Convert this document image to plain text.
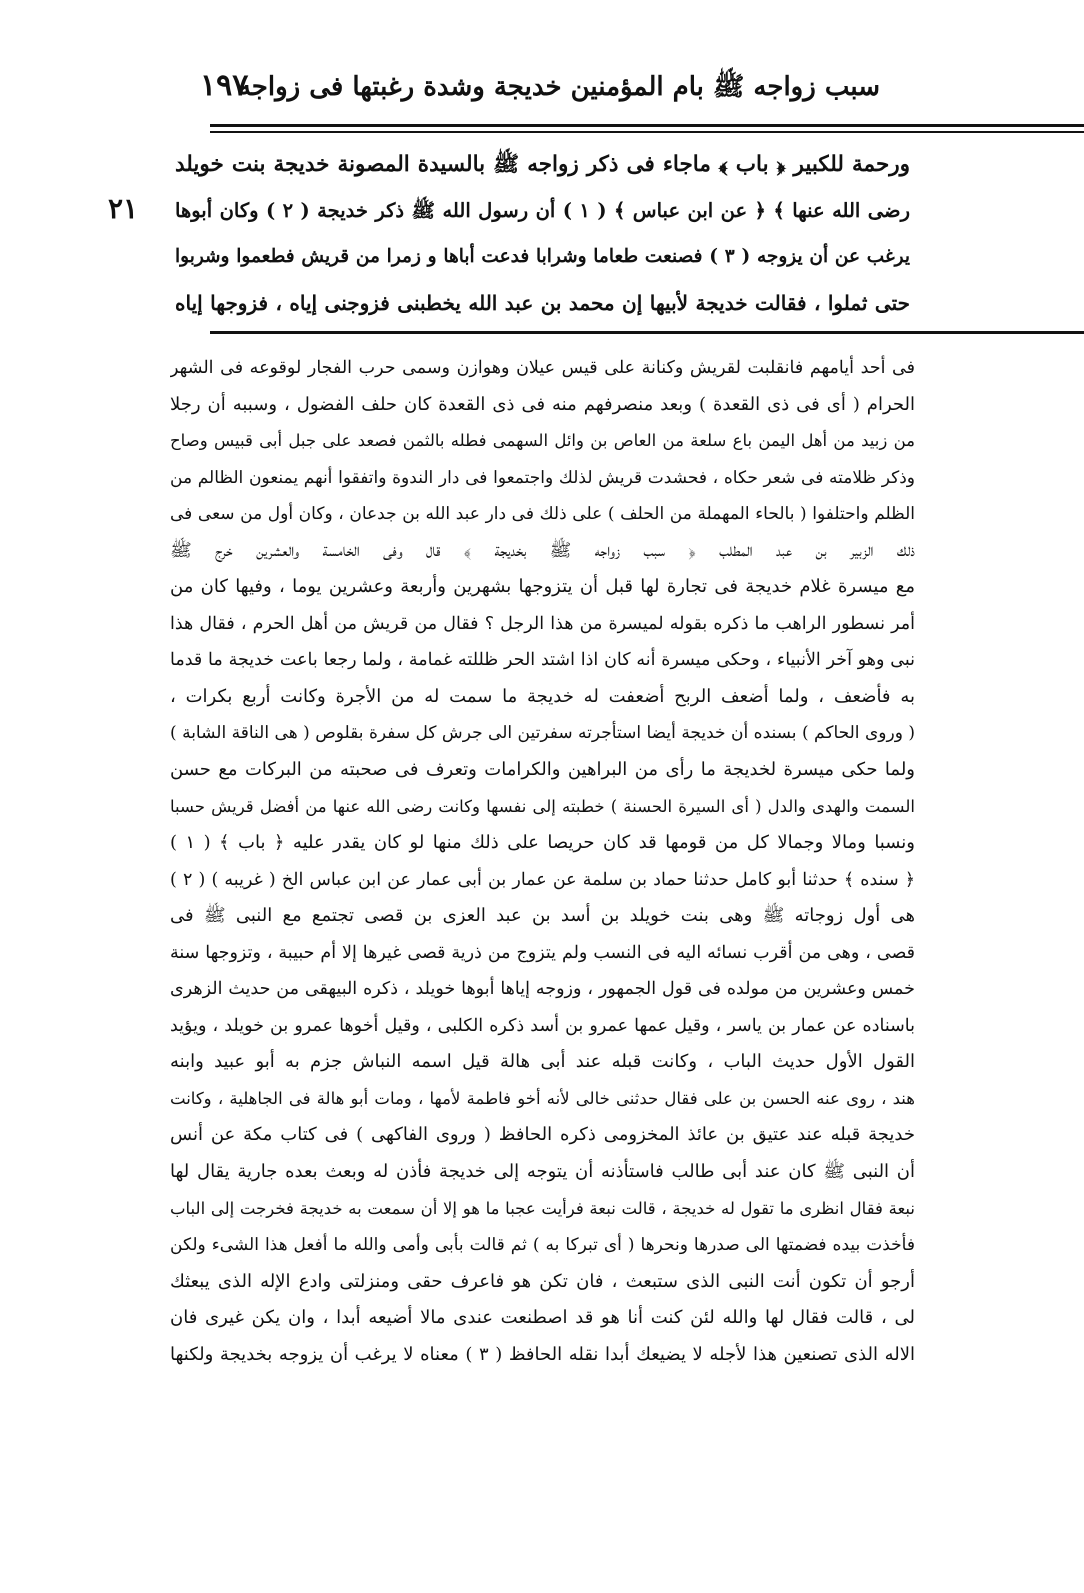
١٩٧
سبب زواجه ﷺ بام المؤمنين خديجة وشدة رغبتها فى زواجه
٢١
ورحمة للكبير ﴿ باب ﴾ ماجاء فى ذكر زواجه ﷺ بالسيدة المصونة خديجة بنت خويلد
رضى الله عنها ﴾ ﴿ عن ابن عباس ﴾ ( ١ ) أن رسول الله ﷺ ذكر خديجة ( ٢ ) وكان أبوها
يرغب عن أن يزوجه ( ٣ ) فصنعت طعاما وشرابا فدعت أباها و زمرا من قريش فطعموا وشربوا
حتى ثملوا ، فقالت خديجة لأبيها إن محمد بن عبد الله يخطبنى فزوجنى إياه ، فزوجها إياه
فى أحد أيامهم فانقلبت لقريش وكنانة على قيس عيلان وهوازن وسمى حرب الفجار لوقوعه فى الشهر
الحرام ( أى فى ذى القعدة ) وبعد منصرفهم منه فى ذى القعدة كان حلف الفضول ، وسببه أن رجلا
من زبيد من أهل اليمن باع سلعة من العاص بن وائل السهمى فطله بالثمن فصعد على جبل أبى قبيس وصاح
وذكر ظلامته فى شعر حكاه ، فحشدت قريش لذلك واجتمعوا فى دار الندوة واتفقوا أنهم يمنعون الظالم من
الظلم واحتلفوا ( بالحاء المهملة من الحلف ) على ذلك فى دار عبد الله بن جدعان ، وكان أول من سعى فى
ذلك الزبير بن عبد المطلب ﴿ سبب زواجه ﷺ بخديجة ﴾ قال وفى الخامسة والعشرين خرج ﷺ
مع ميسرة غلام خديجة فى تجارة لها قبل أن يتزوجها بشهرين وأربعة وعشرين يوما ، وفيها كان من
أمر نسطور الراهب ما ذكره بقوله لميسرة من هذا الرجل ؟ فقال من قريش من أهل الحرم ، فقال هذا
نبى وهو آخر الأنبياء ، وحكى ميسرة أنه كان اذا اشتد الحر ظللته غمامة ، ولما رجعا باعت خديجة ما قدما
به فأضعف ، ولما أضعف الربح أضعفت له خديجة ما سمت له من الأجرة وكانت أربع بكرات ،
( وروى الحاكم ) بسنده أن خديجة أيضا استأجرته سفرتين الى جرش كل سفرة بقلوص ( هى الناقة الشابة )
ولما حكى ميسرة لخديجة ما رأى من البراهين والكرامات وتعرف فى صحبته من البركات مع حسن
السمت والهدى والدل ( أى السيرة الحسنة ) خطبته إلى نفسها وكانت رضى الله عنها من أفضل قريش حسبا
ونسبا ومالا وجمالا كل من قومها قد كان حريصا على ذلك منها لو كان يقدر عليه ﴿ باب ﴾ ( ١ )
﴿ سنده ﴾ حدثنا أبو كامل حدثنا حماد بن سلمة عن عمار بن أبى عمار عن ابن عباس الخ ( غريبه ) ( ٢ )
هى أول زوجاته ﷺ وهى بنت خويلد بن أسد بن عبد العزى بن قصى تجتمع مع النبى ﷺ فى
قصى ، وهى من أقرب نسائه اليه فى النسب ولم يتزوج من ذرية قصى غيرها إلا أم حبيبة ، وتزوجها سنة
خمس وعشرين من مولده فى قول الجمهور ، وزوجه إياها أبوها خويلد ، ذكره البيهقى من حديث الزهرى
باسناده عن عمار بن ياسر ، وقيل عمها عمرو بن أسد ذكره الكلبى ، وقيل أخوها عمرو بن خويلد ، ويؤيد
القول الأول حديث الباب ، وكانت قبله عند أبى هالة قيل اسمه النباش جزم به أبو عبيد وابنه
هند ، روى عنه الحسن بن على فقال حدثنى خالى لأنه أخو فاطمة لأمها ، ومات أبو هالة فى الجاهلية ، وكانت
خديجة قبله عند عتيق بن عائذ المخزومى ذكره الحافظ ( وروى الفاكهى ) فى كتاب مكة عن أنس
أن النبى ﷺ كان عند أبى طالب فاستأذنه أن يتوجه إلى خديجة فأذن له وبعث بعده جارية يقال لها
نبعة فقال انظرى ما تقول له خديجة ، قالت نبعة فرأيت عجبا ما هو إلا أن سمعت به خديجة فخرجت إلى الباب
فأخذت بيده فضمتها الى صدرها ونحرها ( أى تبركا به ) ثم قالت بأبى وأمى والله ما أفعل هذا الشىء ولكن
أرجو أن تكون أنت النبى الذى ستبعث ، فان تكن هو فاعرف حقى ومنزلتى وادع الإله الذى يبعثك
لى ، قالت فقال لها والله لئن كنت أنا هو قد اصطنعت عندى مالا أضيعه أبدا ، وان يكن غيرى فان
الاله الذى تصنعين هذا لأجله لا يضيعك أبدا نقله الحافظ ( ٣ ) معناه لا يرغب أن يزوجه بخديجة ولكنها
